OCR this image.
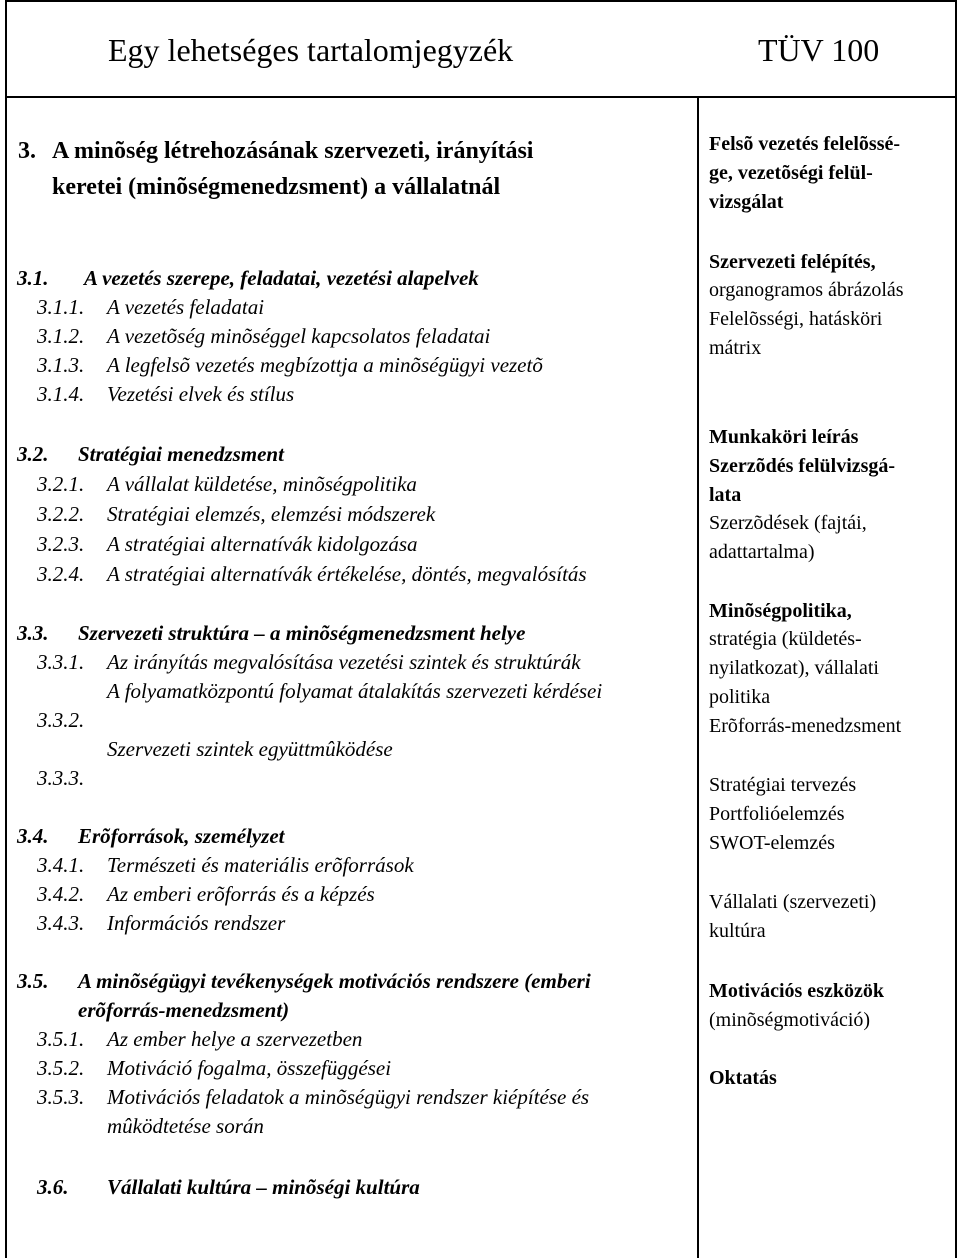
Egy lehetséges tartalomjegyzék	TÜV 100
3. A minõség létrehozásának szervezeti, irányítási
keretei (minõségmenedzsment) a vállalatnál
3.1. A vezetés szerepe, feladatai, vezetési alapelvek
3.1.1. A vezetés feladatai
3.1.2. A vezetõség minõséggel kapcsolatos feladatai
3.1.3. A legfelsõ vezetés megbízottja a minõségügyi vezetõ
3.1.4. Vezetési elvek és stílus
3.2. Stratégiai menedzsment
3.2.1. A vállalat küldetése, minõségpolitika
3.2.2. Stratégiai elemzés, elemzési módszerek
3.2.3. A stratégiai alternatívák kidolgozása
3.2.4. A stratégiai alternatívák értékelése, döntés, megvalósítás
3.3. Szervezeti struktúra – a minõségmenedzsment helye
3.3.1. Az irányítás megvalósítása vezetési szintek és struktúrák
A folyamatközpontú folyamat átalakítás szervezeti kérdései
3.3.2.
Szervezeti szintek együttmûködése
3.3.3.
3.4. Erõforrások, személyzet
3.4.1. Természeti és materiális erõforrások
3.4.2. Az emberi erõforrás és a képzés
3.4.3. Információs rendszer
3.5. A minõségügyi tevékenységek motivációs rendszere (emberi
erõforrás-menedzsment)
3.5.1. Az ember helye a szervezetben
3.5.2. Motiváció fogalma, összefüggései
3.5.3. Motivációs feladatok a minõségügyi rendszer kiépítése és
mûködtetése során
3.6. Vállalati kultúra – minõségi kultúra
Felsõ vezetés felelõssé-
ge, vezetõségi felül-
vizsgálat
Szervezeti felépítés,
organogramos ábrázolás
Felelõsségi, hatásköri
mátrix
Munkaköri leírás
Szerzõdés felülvizsgá-
lata
Szerzõdések (fajtái,
adattartalma)
Minõségpolitika,
stratégia (küldetés-
nyilatkozat), vállalati
politika
Erõforrás-menedzsment
Stratégiai tervezés
Portfolióelemzés
SWOT-elemzés
Vállalati (szervezeti)
kultúra
Motivációs eszközök
(minõségmotiváció)
Oktatás
